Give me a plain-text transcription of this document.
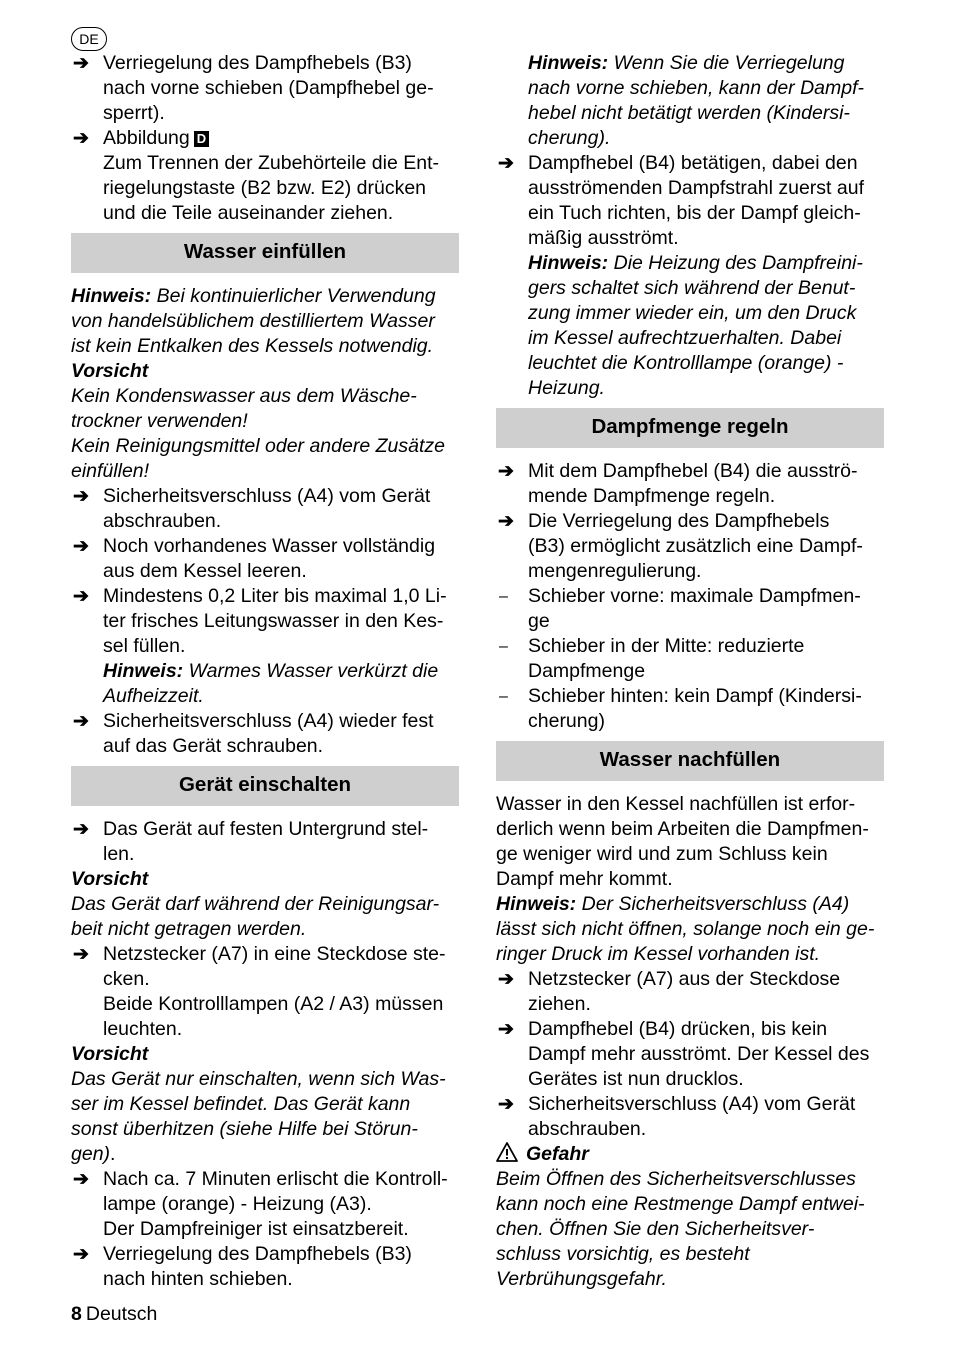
DE
➔ Verriegelung des Dampfhebels (B3)
nach vorne schieben (Dampfhebel ge-
sperrt).

➔ Abbildung D

Zum Trennen der Zubehörteile die Ent-
riegelungstaste (B2 bzw. E2) drücken
und die Teile auseinander ziehen.

Wasser einfüllen

Hinweis: Bei kontinuierlicher Verwendung
von handelsüblichem destilliertem Wasser
ist kein Entkalken des Kessels notwendig.

Vorsicht

Kein Kondenswasser aus dem Wäsche-
trockner verwenden!
Kein Reinigungsmittel oder andere Zusätze
einfüllen!

➔ Sicherheitsverschluss (A4) vom Gerät
abschrauben.

➔ Noch vorhandenes Wasser vollständig
aus dem Kessel leeren.

➔ Mindestens 0,2 Liter bis maximal 1,0 Li-
ter frisches Leitungswasser in den Kes-
sel füllen.

Hinweis: Warmes Wasser verkürzt die
Aufheizzeit.

➔ Sicherheitsverschluss (A4) wieder fest
auf das Gerät schrauben.

Gerät einschalten
➔ Das Gerät auf festen Untergrund stel-
len.

Vorsicht

Das Gerät darf während der Reinigungsar-
beit nicht getragen werden.

➔ Netzstecker (A7) in eine Steckdose ste-
cken.
Beide Kontrolllampen (A2 / A3) müssen
leuchten.

Vorsicht

Das Gerät nur einschalten, wenn sich Was-
ser im Kessel befindet. Das Gerät kann
sonst überhitzen (siehe Hilfe bei Störun-
gen).

➔ Nach ca. 7 Minuten erlischt die Kontroll-
lampe (orange) - Heizung (A3).
Der Dampfreiniger ist einsatzbereit.

➔ Verriegelung des Dampfhebels (B3)
nach hinten schieben.

Hinweis: Wenn Sie die Verriegelung
nach vorne schieben, kann der Dampf-
hebel nicht betätigt werden (Kindersi-
cherung).

➔ Dampfhebel (B4) betätigen, dabei den
ausströmenden Dampfstrahl zuerst auf
ein Tuch richten, bis der Dampf gleich-
mäßig ausströmt.

Hinweis: Die Heizung des Dampfreini-
gers schaltet sich während der Benut-
zung immer wieder ein, um den Druck
im Kessel aufrechtzuerhalten. Dabei
leuchtet die Kontrolllampe (orange) -
Heizung.

Dampfmenge regeln
➔ Mit dem Dampfhebel (B4) die ausströ-
mende Dampfmenge regeln.

➔ Die Verriegelung des Dampfhebels
(B3) ermöglicht zusätzlich eine Dampf-
mengenregulierung.

–	Schieber vorne: maximale Dampfmen-
ge

–	Schieber in der Mitte: reduzierte
Dampfmenge

–	Schieber hinten: kein Dampf (Kindersi-
cherung)

Wasser nachfüllen

Wasser in den Kessel nachfüllen ist erfor-
derlich wenn beim Arbeiten die Dampfmen-
ge weniger wird und zum Schluss kein
Dampf mehr kommt.

Hinweis: Der Sicherheitsverschluss (A4)
lässt sich nicht öffnen, solange noch ein ge-
ringer Druck im Kessel vorhanden ist.

➔ Netzstecker (A7) aus der Steckdose
ziehen.

➔ Dampfhebel (B4) drücken, bis kein
Dampf mehr ausströmt. Der Kessel des
Gerätes ist nun drucklos.

➔ Sicherheitsverschluss (A4) vom Gerät
abschrauben.

Gefahr

Beim Öffnen des Sicherheitsverschlusses
kann noch eine Restmenge Dampf entwei-
chen. Öffnen Sie den Sicherheitsver-
schluss vorsichtig, es besteht
Verbrühungsgefahr.

8 Deutsch
